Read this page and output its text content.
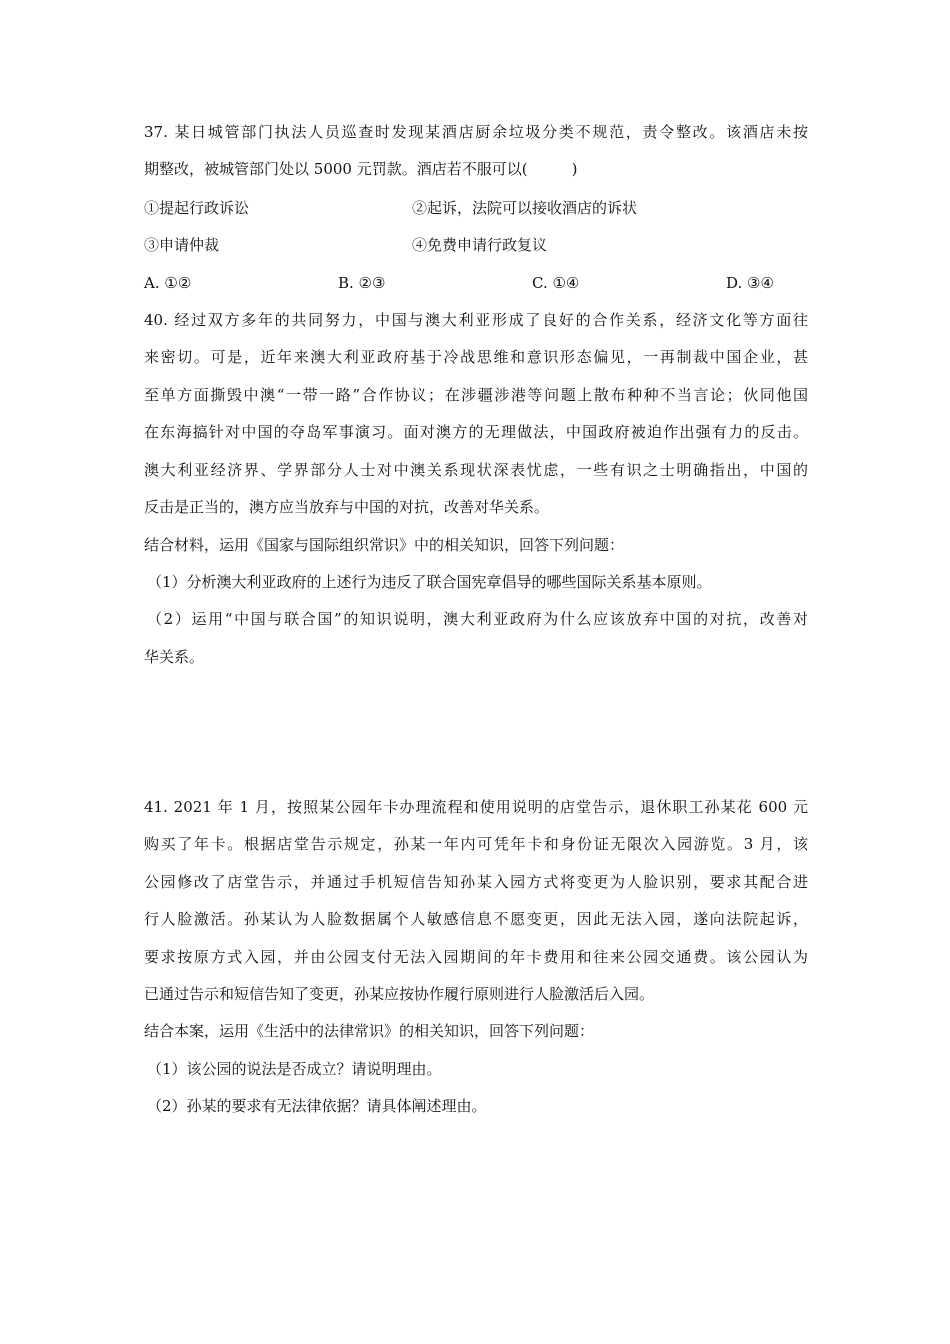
37. 某日城管部门执法人员巡查时发现某酒店厨余垃圾分类不规范，责令整改。该酒店未按
期整改，被城管部门处以 5000 元罚款。酒店若不服可以(	)
①提起行政诉讼	②起诉，法院可以接收酒店的诉状
③申请仲裁	④免费申请行政复议
A. ①②	B. ②③	C. ①④	D. ③④
40. 经过双方多年的共同努力，中国与澳大利亚形成了良好的合作关系，经济文化等方面往
来密切。可是，近年来澳大利亚政府基于冷战思维和意识形态偏见，一再制裁中国企业，甚
至单方面撕毁中澳“一带一路”合作协议；在涉疆涉港等问题上散布种种不当言论；伙同他国
在东海搞针对中国的夺岛军事演习。面对澳方的无理做法，中国政府被迫作出强有力的反击。
澳大利亚经济界、学界部分人士对中澳关系现状深表忧虑，一些有识之士明确指出，中国的
反击是正当的，澳方应当放弃与中国的对抗，改善对华关系。
结合材料，运用《国家与国际组织常识》中的相关知识，回答下列问题：
（1）分析澳大利亚政府的上述行为违反了联合国宪章倡导的哪些国际关系基本原则。
（2）运用“中国与联合国”的知识说明，澳大利亚政府为什么应该放弃中国的对抗，改善对
华关系。
41. 2021 年 1 月，按照某公园年卡办理流程和使用说明的店堂告示，退休职工孙某花 600 元
购买了年卡。根据店堂告示规定，孙某一年内可凭年卡和身份证无限次入园游览。3 月，该
公园修改了店堂告示，并通过手机短信告知孙某入园方式将变更为人脸识别，要求其配合进
行人脸激活。孙某认为人脸数据属个人敏感信息不愿变更，因此无法入园，遂向法院起诉，
要求按原方式入园，并由公园支付无法入园期间的年卡费用和往来公园交通费。该公园认为
已通过告示和短信告知了变更，孙某应按协作履行原则进行人脸激活后入园。
结合本案，运用《生活中的法律常识》的相关知识，回答下列问题：
（1）该公园的说法是否成立？请说明理由。
（2）孙某的要求有无法律依据？请具体阐述理由。
